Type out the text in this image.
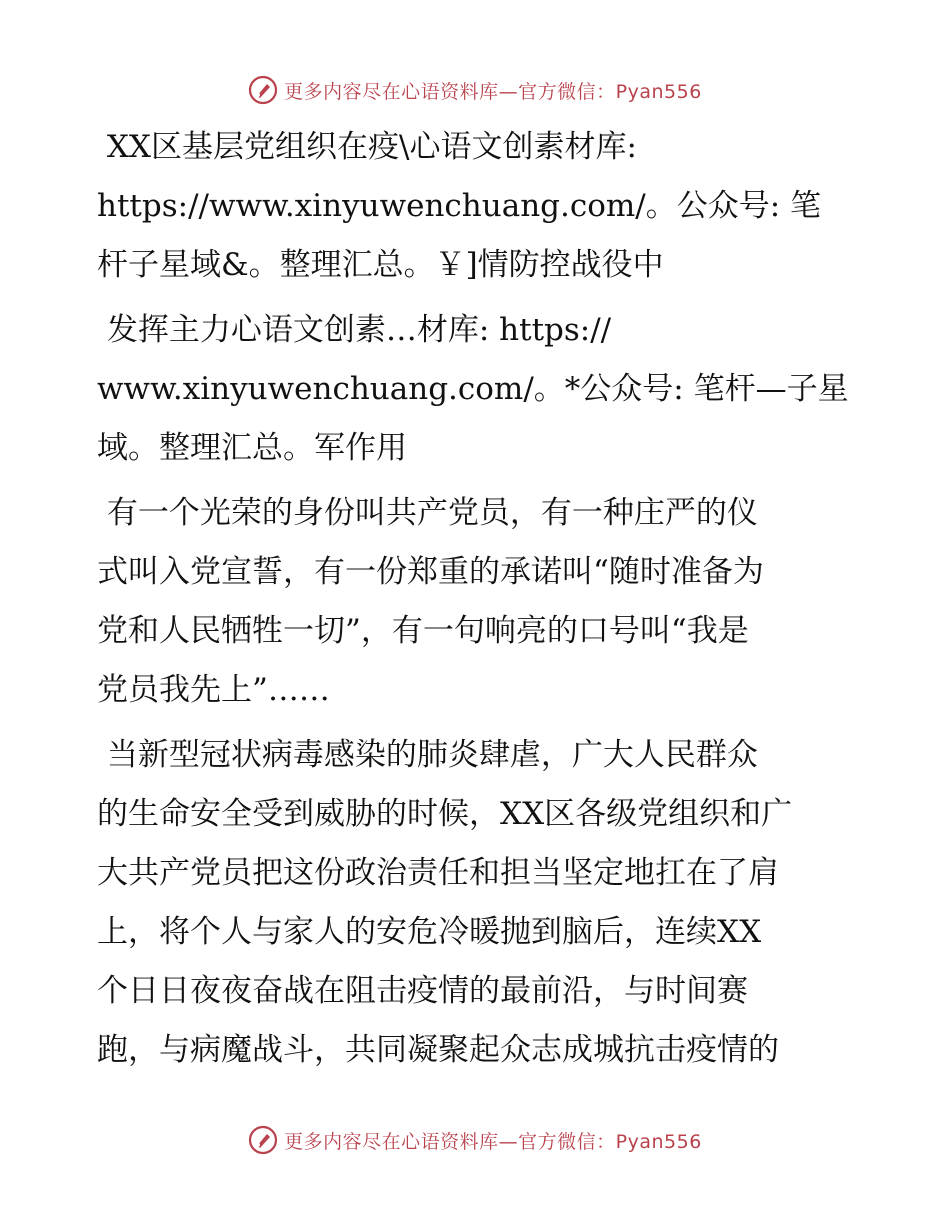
更多内容尽在心语资料库—官方微信：Pyan556

XX区基层党组织在疫\心语文创素材库:
https://www.xinyuwenchuang.com/。公众号: 笔
杆子星域&。整理汇总。￥]情防控战役中

发挥主力心语文创素…材库: https://
www.xinyuwenchuang.com/。*公众号: 笔杆—子星
域。整理汇总。军作用

有一个光荣的身份叫共产党员，有一种庄严的仪
式叫入党宣誓，有一份郑重的承诺叫“随时准备为
党和人民牺牲一切”，有一句响亮的口号叫“我是
党员我先上”……

当新型冠状病毒感染的肺炎肆虐，广大人民群众
的生命安全受到威胁的时候，XX区各级党组织和广
大共产党员把这份政治责任和担当坚定地扛在了肩
上，将个人与家人的安危冷暖抛到脑后，连续XX
个日日夜夜奋战在阻击疫情的最前沿，与时间赛
跑，与病魔战斗，共同凝聚起众志成城抗击疫情的

更多内容尽在心语资料库—官方微信：Pyan556
